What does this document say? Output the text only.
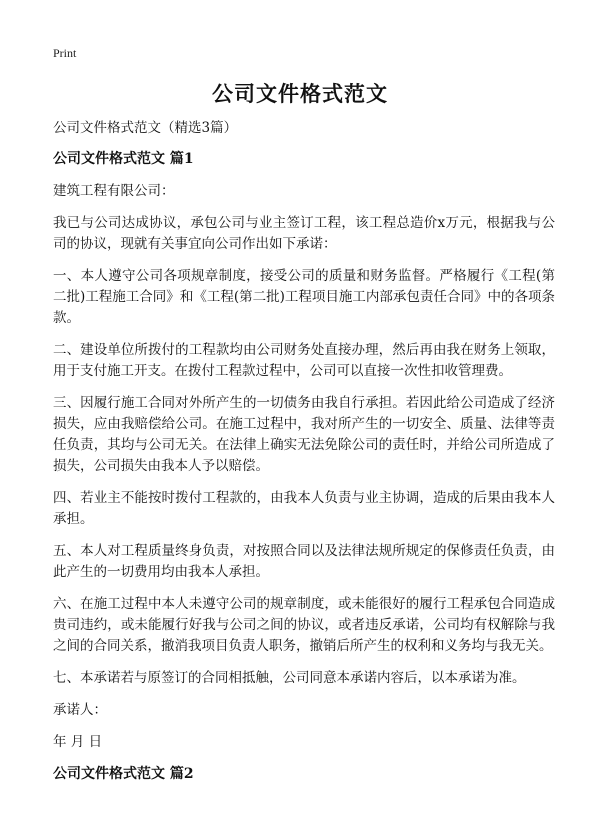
Print
公司文件格式范文

公司文件格式范文（精选3篇）

公司文件格式范文 篇1

建筑工程有限公司：

我已与公司达成协议，承包公司与业主签订工程，该工程总造价x万元，根据我与公司的协议，现就有关事宜向公司作出如下承诺：

一、本人遵守公司各项规章制度，接受公司的质量和财务监督。严格履行《工程(第二批)工程施工合同》和《工程(第二批)工程项目施工内部承包责任合同》中的各项条款。

二、建设单位所拨付的工程款均由公司财务处直接办理，然后再由我在财务上领取，用于支付施工开支。在拨付工程款过程中，公司可以直接一次性扣收管理费。

三、因履行施工合同对外所产生的一切债务由我自行承担。若因此给公司造成了经济损失，应由我赔偿给公司。在施工过程中，我对所产生的一切安全、质量、法律等责任负责，其均与公司无关。在法律上确实无法免除公司的责任时，并给公司所造成了损失，公司损失由我本人予以赔偿。

四、若业主不能按时拨付工程款的，由我本人负责与业主协调，造成的后果由我本人承担。

五、本人对工程质量终身负责，对按照合同以及法律法规所规定的保修责任负责，由此产生的一切费用均由我本人承担。

六、在施工过程中本人未遵守公司的规章制度，或未能很好的履行工程承包合同造成贵司违约，或未能履行好我与公司之间的协议，或者违反承诺，公司均有权解除与我之间的合同关系，撤消我项目负责人职务，撤销后所产生的权利和义务均与我无关。

七、本承诺若与原签订的合同相抵触，公司同意本承诺内容后，以本承诺为准。

承诺人：

年 月 日

公司文件格式范文 篇2
